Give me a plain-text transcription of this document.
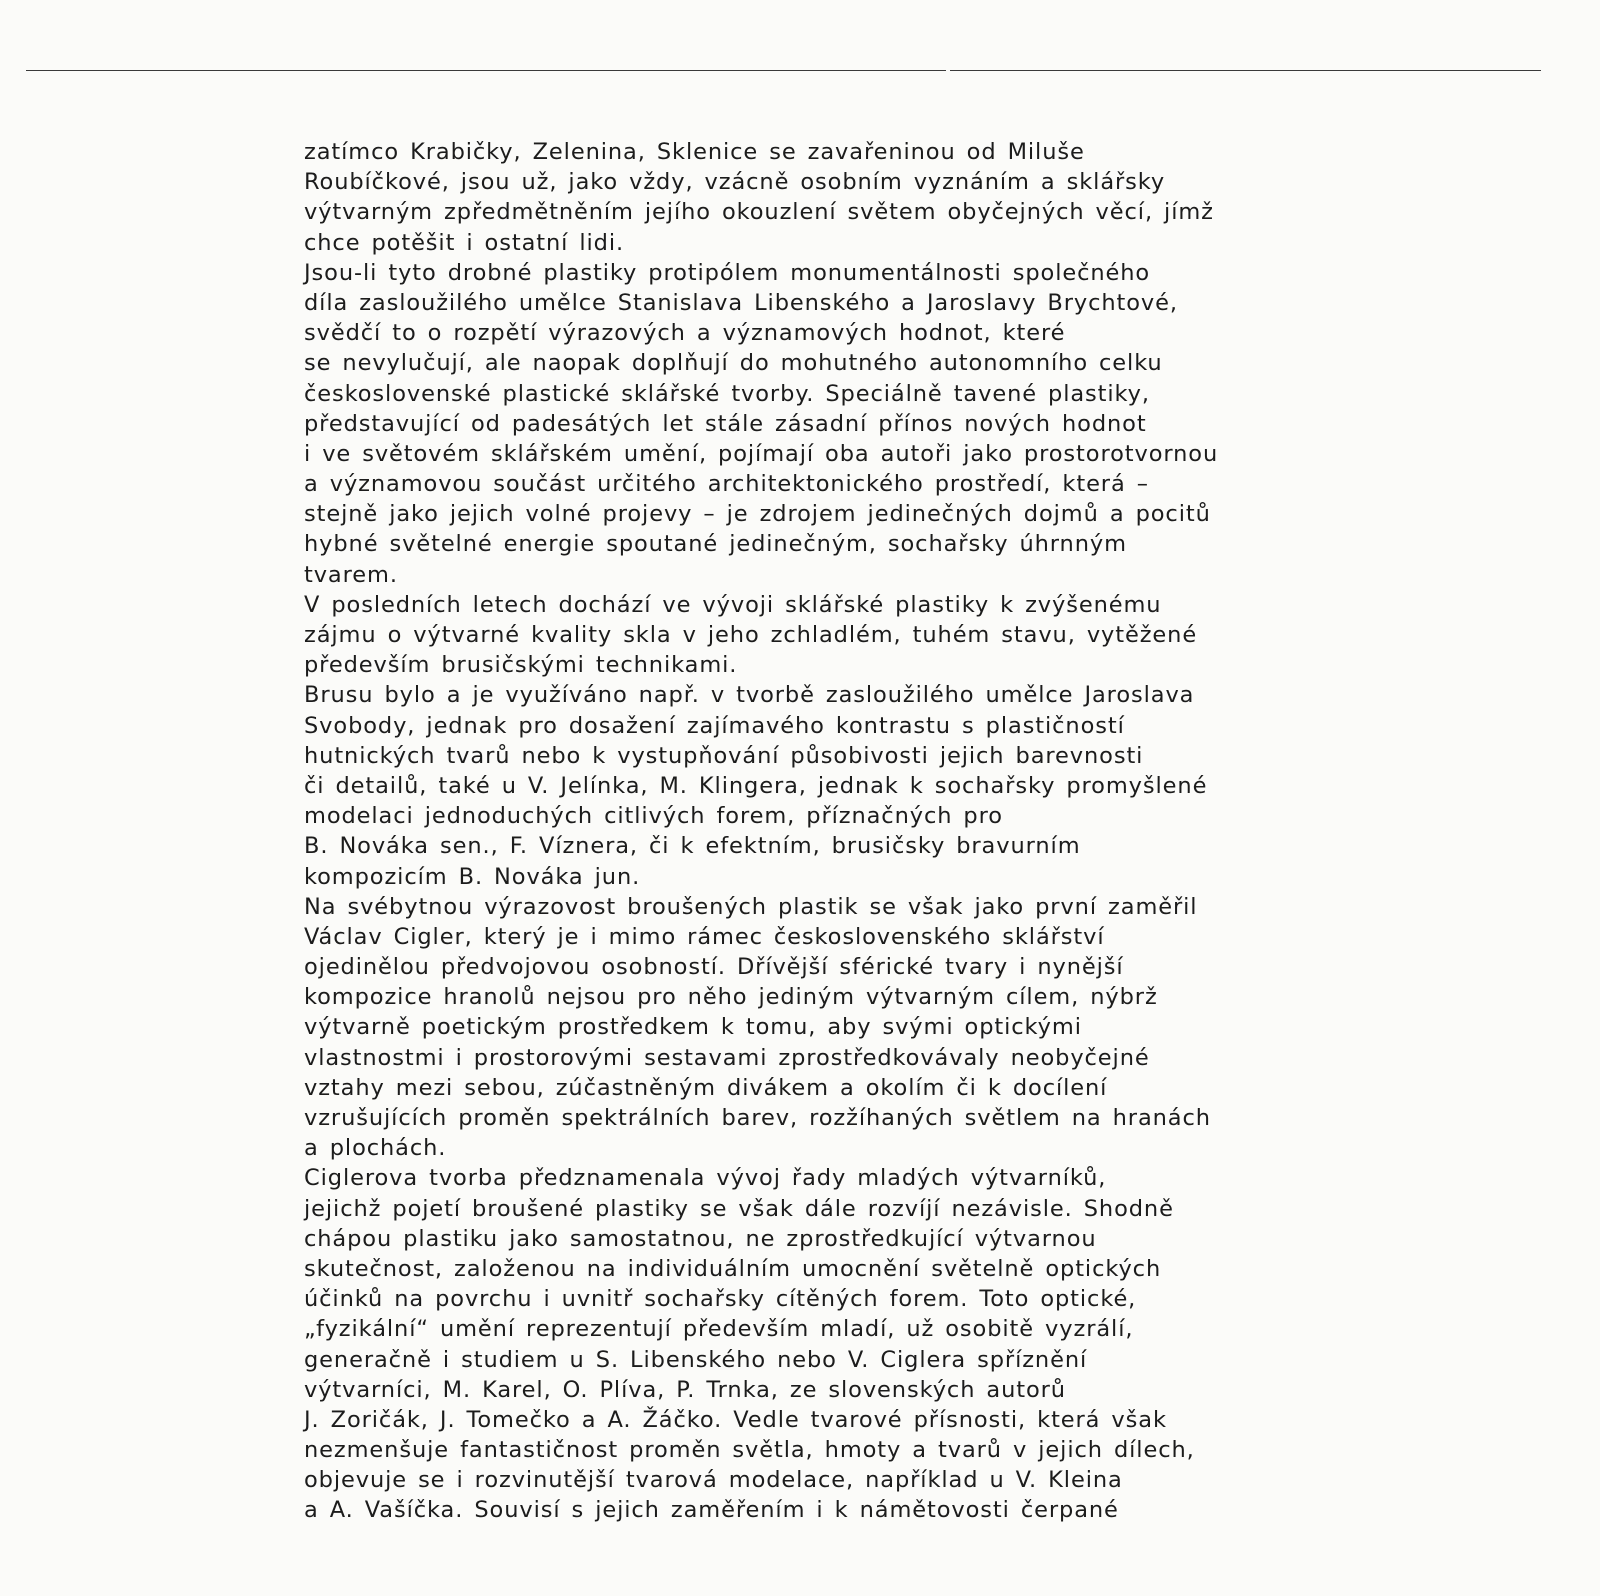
zatímco Krabičky, Zelenina, Sklenice se zavařeninou od Miluše
Roubíčkové, jsou už, jako vždy, vzácně osobním vyznáním a sklářsky
výtvarným zpředmětněním jejího okouzlení světem obyčejných věcí, jímž
chce potěšit i ostatní lidi.
Jsou-li tyto drobné plastiky protipólem monumentálnosti společného
díla zasloužilého umělce Stanislava Libenského a Jaroslavy Brychtové,
svědčí to o rozpětí výrazových a významových hodnot, které
se nevylučují, ale naopak doplňují do mohutného autonomního celku
československé plastické sklářské tvorby. Speciálně tavené plastiky,
představující od padesátých let stále zásadní přínos nových hodnot
i ve světovém sklářském umění, pojímají oba autoři jako prostorotvornou
a významovou součást určitého architektonického prostředí, která –
stejně jako jejich volné projevy – je zdrojem jedinečných dojmů a pocitů
hybné světelné energie spoutané jedinečným, sochařsky úhrnným
tvarem.
V posledních letech dochází ve vývoji sklářské plastiky k zvýšenému
zájmu o výtvarné kvality skla v jeho zchladlém, tuhém stavu, vytěžené
především brusičskými technikami.
Brusu bylo a je využíváno např. v tvorbě zasloužilého umělce Jaroslava
Svobody, jednak pro dosažení zajímavého kontrastu s plastičností
hutnických tvarů nebo k vystupňování působivosti jejich barevnosti
či detailů, také u V. Jelínka, M. Klingera, jednak k sochařsky promyšlené
modelaci jednoduchých citlivých forem, příznačných pro
B. Nováka sen., F. Víznera, či k efektním, brusičsky bravurním
kompozicím B. Nováka jun.
Na svébytnou výrazovost broušených plastik se však jako první zaměřil
Václav Cigler, který je i mimo rámec československého sklářství
ojedinělou předvojovou osobností. Dřívější sférické tvary i nynější
kompozice hranolů nejsou pro něho jediným výtvarným cílem, nýbrž
výtvarně poetickým prostředkem k tomu, aby svými optickými
vlastnostmi i prostorovými sestavami zprostředkovávaly neobyčejné
vztahy mezi sebou, zúčastněným divákem a okolím či k docílení
vzrušujících proměn spektrálních barev, rozžíhaných světlem na hranách
a plochách.
Ciglerova tvorba předznamenala vývoj řady mladých výtvarníků,
jejichž pojetí broušené plastiky se však dále rozvíjí nezávisle. Shodně
chápou plastiku jako samostatnou, ne zprostředkující výtvarnou
skutečnost, založenou na individuálním umocnění světelně optických
účinků na povrchu i uvnitř sochařsky cítěných forem. Toto optické,
„fyzikální“ umění reprezentují především mladí, už osobitě vyzrálí,
generačně i studiem u S. Libenského nebo V. Ciglera spříznění
výtvarníci, M. Karel, O. Plíva, P. Trnka, ze slovenských autorů
J. Zoričák, J. Tomečko a A. Žáčko. Vedle tvarové přísnosti, která však
nezmenšuje fantastičnost proměn světla, hmoty a tvarů v jejich dílech,
objevuje se i rozvinutější tvarová modelace, například u V. Kleina
a A. Vašíčka. Souvisí s jejich zaměřením i k námětovosti čerpané
